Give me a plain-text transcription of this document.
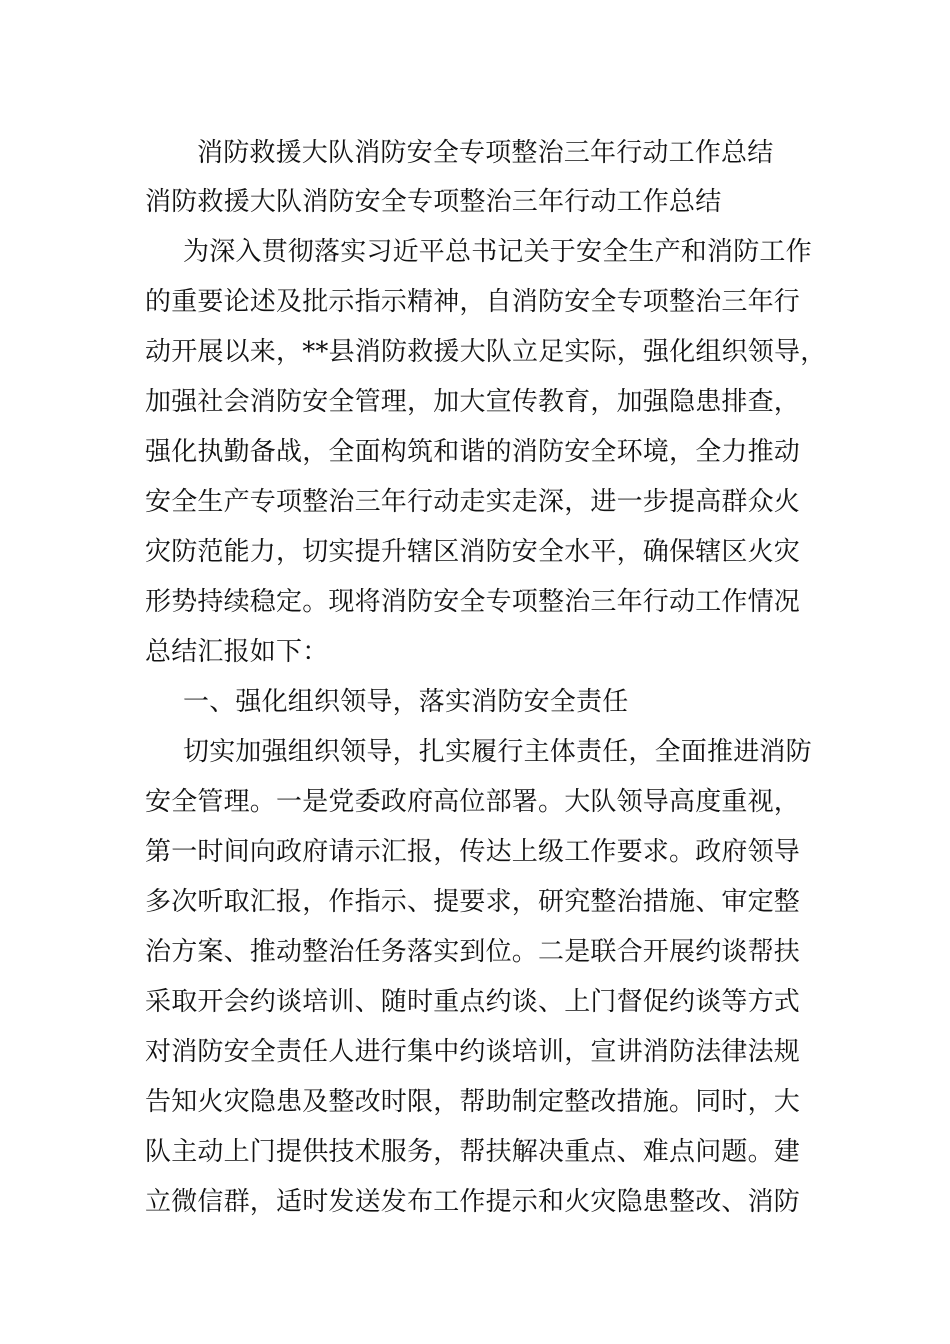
消防救援大队消防安全专项整治三年行动工作总结
消防救援大队消防安全专项整治三年行动工作总结
为深入贯彻落实习近平总书记关于安全生产和消防工作
的重要论述及批示指示精神，自消防安全专项整治三年行
动开展以来，**县消防救援大队立足实际，强化组织领导，
加强社会消防安全管理，加大宣传教育，加强隐患排查，
强化执勤备战，全面构筑和谐的消防安全环境，全力推动
安全生产专项整治三年行动走实走深，进一步提高群众火
灾防范能力，切实提升辖区消防安全水平，确保辖区火灾
形势持续稳定。现将消防安全专项整治三年行动工作情况
总结汇报如下：
一、强化组织领导，落实消防安全责任
切实加强组织领导，扎实履行主体责任，全面推进消防
安全管理。一是党委政府高位部署。大队领导高度重视，
第一时间向政府请示汇报，传达上级工作要求。政府领导
多次听取汇报，作指示、提要求，研究整治措施、审定整
治方案、推动整治任务落实到位。二是联合开展约谈帮扶
采取开会约谈培训、随时重点约谈、上门督促约谈等方式
对消防安全责任人进行集中约谈培训，宣讲消防法律法规
告知火灾隐患及整改时限，帮助制定整改措施。同时，大
队主动上门提供技术服务，帮扶解决重点、难点问题。建
立微信群，适时发送发布工作提示和火灾隐患整改、消防
